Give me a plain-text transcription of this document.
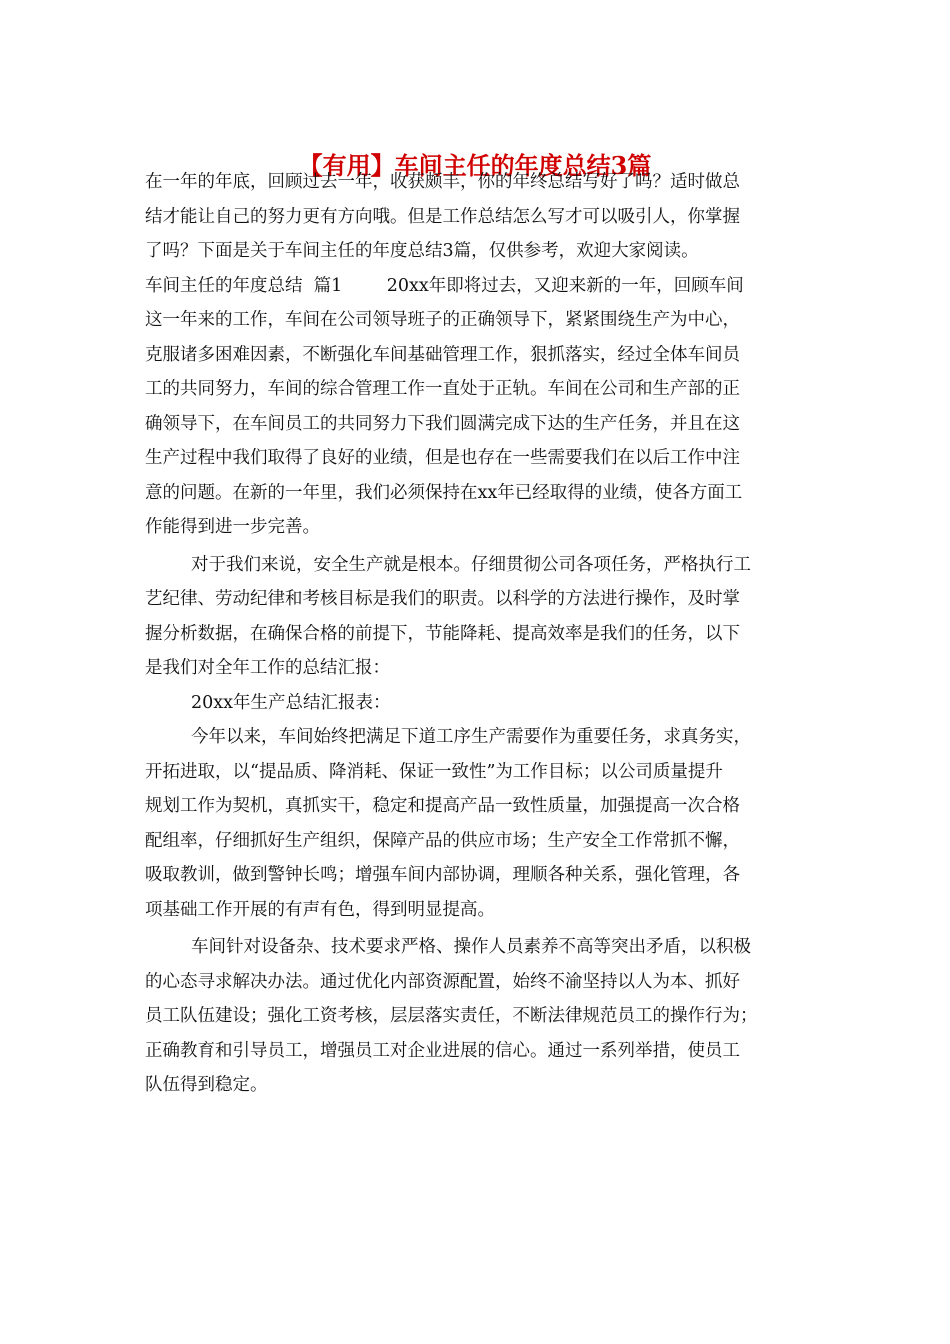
【有用】车间主任的年度总结3篇
在一年的年底，回顾过去一年，收获颇丰，你的年终总结写好了吗？适时做总
结才能让自己的努力更有方向哦。但是工作总结怎么写才可以吸引人，你掌握
了吗？下面是关于车间主任的年度总结3篇，仅供参考，欢迎大家阅读。
车间主任的年度总结  篇1        20xx年即将过去，又迎来新的一年，回顾车间
这一年来的工作，车间在公司领导班子的正确领导下，紧紧围绕生产为中心，
克服诸多困难因素，不断强化车间基础管理工作，狠抓落实，经过全体车间员
工的共同努力，车间的综合管理工作一直处于正轨。车间在公司和生产部的正
确领导下，在车间员工的共同努力下我们圆满完成下达的生产任务，并且在这
生产过程中我们取得了良好的业绩，但是也存在一些需要我们在以后工作中注
意的问题。在新的一年里，我们必须保持在xx年已经取得的业绩，使各方面工
作能得到进一步完善。
对于我们来说，安全生产就是根本。仔细贯彻公司各项任务，严格执行工
艺纪律、劳动纪律和考核目标是我们的职责。以科学的方法进行操作，及时掌
握分析数据，在确保合格的前提下，节能降耗、提高效率是我们的任务，以下
是我们对全年工作的总结汇报：
20xx年生产总结汇报表：
今年以来，车间始终把满足下道工序生产需要作为重要任务，求真务实，
开拓进取，以“提品质、降消耗、保证一致性”为工作目标；以公司质量提升
规划工作为契机，真抓实干，稳定和提高产品一致性质量，加强提高一次合格
配组率，仔细抓好生产组织，保障产品的供应市场；生产安全工作常抓不懈，
吸取教训，做到警钟长鸣；增强车间内部协调，理顺各种关系，强化管理，各
项基础工作开展的有声有色，得到明显提高。
车间针对设备杂、技术要求严格、操作人员素养不高等突出矛盾，以积极
的心态寻求解决办法。通过优化内部资源配置，始终不渝坚持以人为本、抓好
员工队伍建设；强化工资考核，层层落实责任，不断法律规范员工的操作行为；
正确教育和引导员工，增强员工对企业进展的信心。通过一系列举措，使员工
队伍得到稳定。
